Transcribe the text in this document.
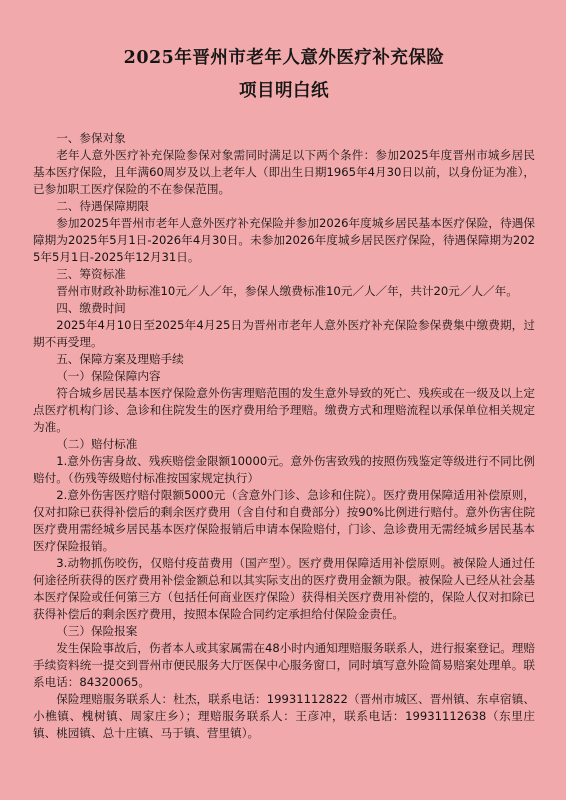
2025年晋州市老年人意外医疗补充保险
项目明白纸
一、参保对象
老年人意外医疗补充保险参保对象需同时满足以下两个条件：参加2025年度晋州市城乡居民基本医疗保险，且年满60周岁及以上老年人（即出生日期1965年4月30日以前，以身份证为准），已参加职工医疗保险的不在参保范围。
二、待遇保障期限
参加2025年晋州市老年人意外医疗补充保险并参加2026年度城乡居民基本医疗保险，待遇保障期为2025年5月1日-2026年4月30日。未参加2026年度城乡居民医疗保险，待遇保障期为2025年5月1日-2025年12月31日。
三、筹资标准
晋州市财政补助标准10元／人／年，参保人缴费标准10元／人／年，共计20元／人／年。
四、缴费时间
2025年4月10日至2025年4月25日为晋州市老年人意外医疗补充保险参保费集中缴费期，过期不再受理。
五、保障方案及理赔手续
（一）保险保障内容
符合城乡居民基本医疗保险意外伤害理赔范围的发生意外导致的死亡、残疾或在一级及以上定点医疗机构门诊、急诊和住院发生的医疗费用给予理赔。缴费方式和理赔流程以承保单位相关规定为准。
（二）赔付标准
1.意外伤害身故、残疾赔偿金限额10000元。意外伤害致残的按照伤残鉴定等级进行不同比例赔付。（伤残等级赔付标准按国家规定执行）
2.意外伤害医疗赔付限额5000元（含意外门诊、急诊和住院）。医疗费用保障适用补偿原则，仅对扣除已获得补偿后的剩余医疗费用（含自付和自费部分）按90%比例进行赔付。意外伤害住院医疗费用需经城乡居民基本医疗保险报销后申请本保险赔付，门诊、急诊费用无需经城乡居民基本医疗保险报销。
3.动物抓伤咬伤，仅赔付疫苗费用（国产型）。医疗费用保障适用补偿原则。被保险人通过任何途径所获得的医疗费用补偿金额总和以其实际支出的医疗费用金额为限。被保险人已经从社会基本医疗保险或任何第三方（包括任何商业医疗保险）获得相关医疗费用补偿的，保险人仅对扣除已获得补偿后的剩余医疗费用，按照本保险合同约定承担给付保险金责任。
（三）保险报案
发生保险事故后，伤者本人或其家属需在48小时内通知理赔服务联系人，进行报案登记。理赔手续资料统一提交到晋州市便民服务大厅医保中心服务窗口，同时填写意外险简易赔案处理单。联系电话：84320065。
保险理赔服务联系人：杜杰，联系电话：19931112822（晋州市城区、晋州镇、东卓宿镇、小樵镇、槐树镇、周家庄乡）；理赔服务联系人：王彦冲，联系电话：19931112638（东里庄镇、桃园镇、总十庄镇、马于镇、营里镇）。
